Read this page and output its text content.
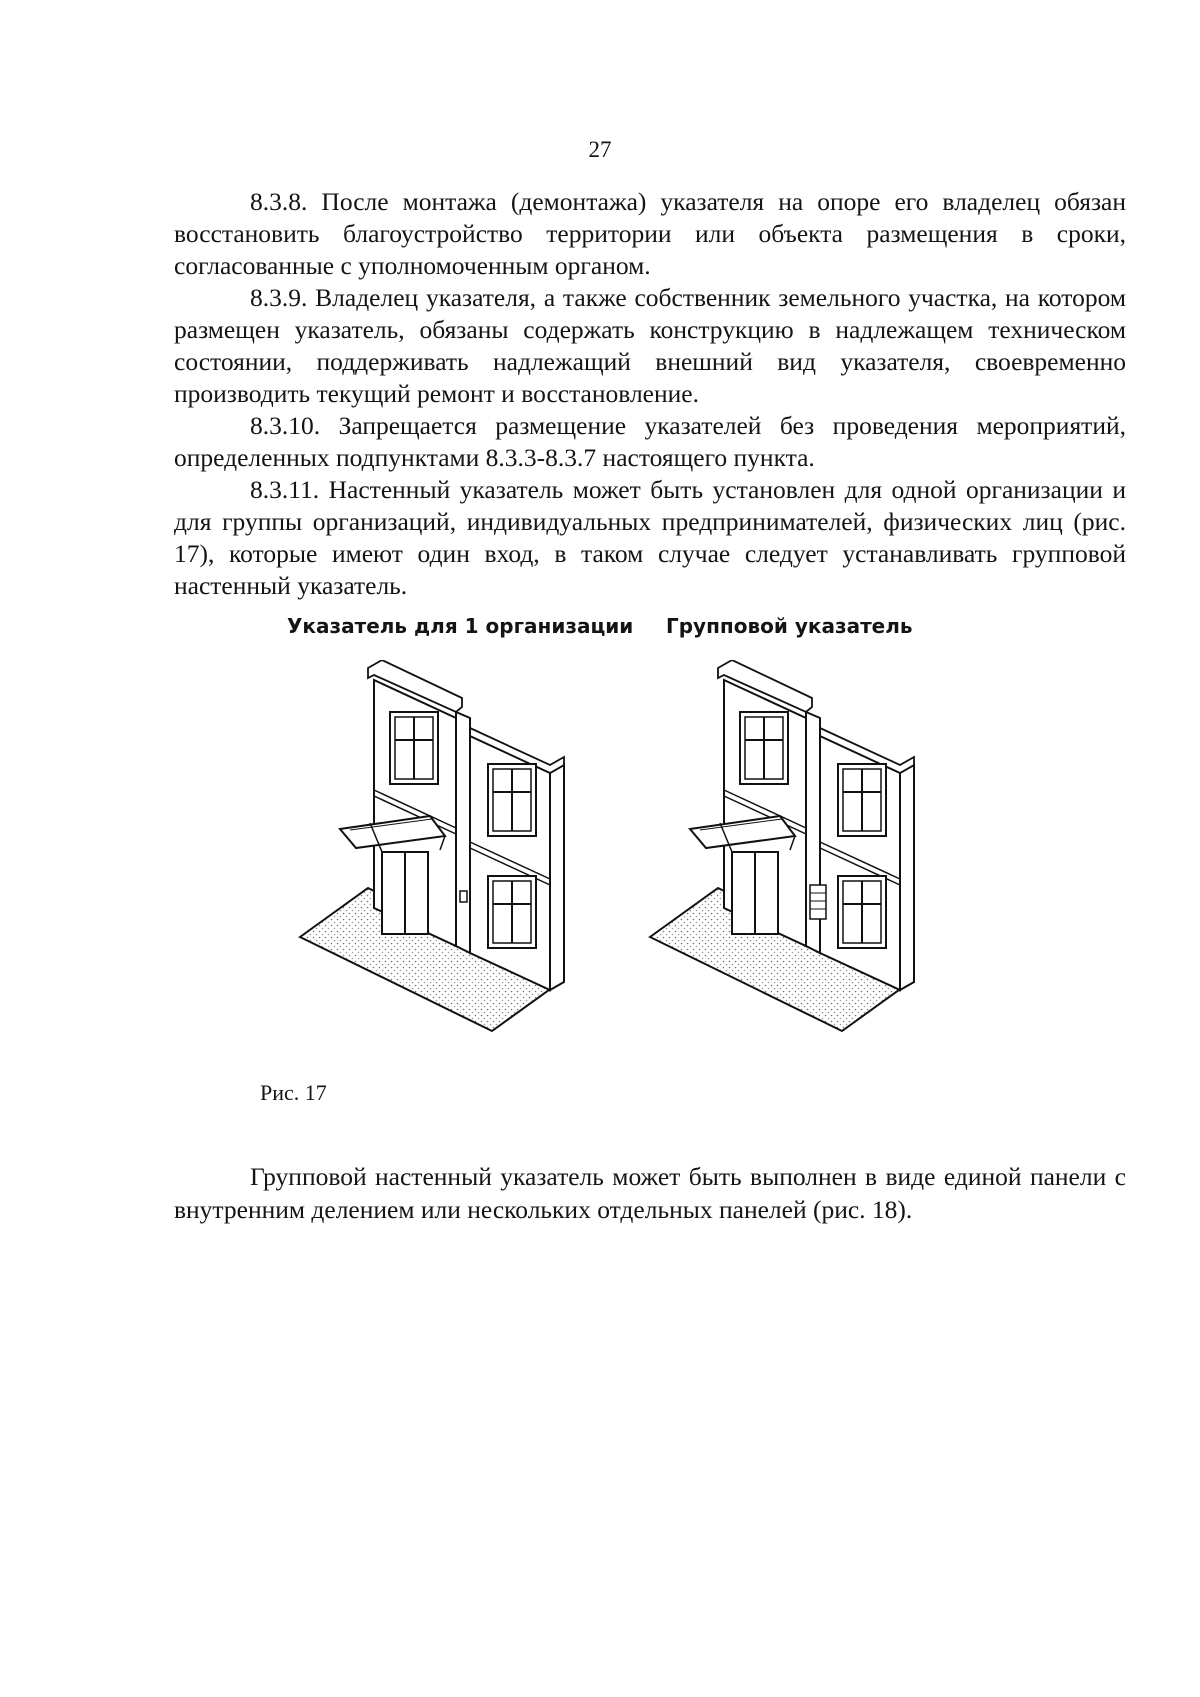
27

8.3.8. После монтажа (демонтажа) указателя на опоре его владелец обязан восстановить благоустройство территории или объекта размещения в сроки, согласованные с уполномоченным органом.

8.3.9. Владелец указателя, а также собственник земельного участка, на котором размещен указатель, обязаны содержать конструкцию в надлежащем техническом состоянии, поддерживать надлежащий внешний вид указателя, своевременно производить текущий ремонт и восстановление.

8.3.10. Запрещается размещение указателей без проведения мероприятий, определенных подпунктами 8.3.3-8.3.7 настоящего пункта.

8.3.11. Настенный указатель может быть установлен для одной организации и для группы организаций, индивидуальных предпринимателей, физических лиц (рис. 17), которые имеют один вход, в таком случае следует устанавливать групповой настенный указатель.

Указатель для 1 организации Групповой указатель
Рис. 17

Групповой настенный указатель может быть выполнен в виде единой панели с внутренним делением или нескольких отдельных панелей (рис. 18).
